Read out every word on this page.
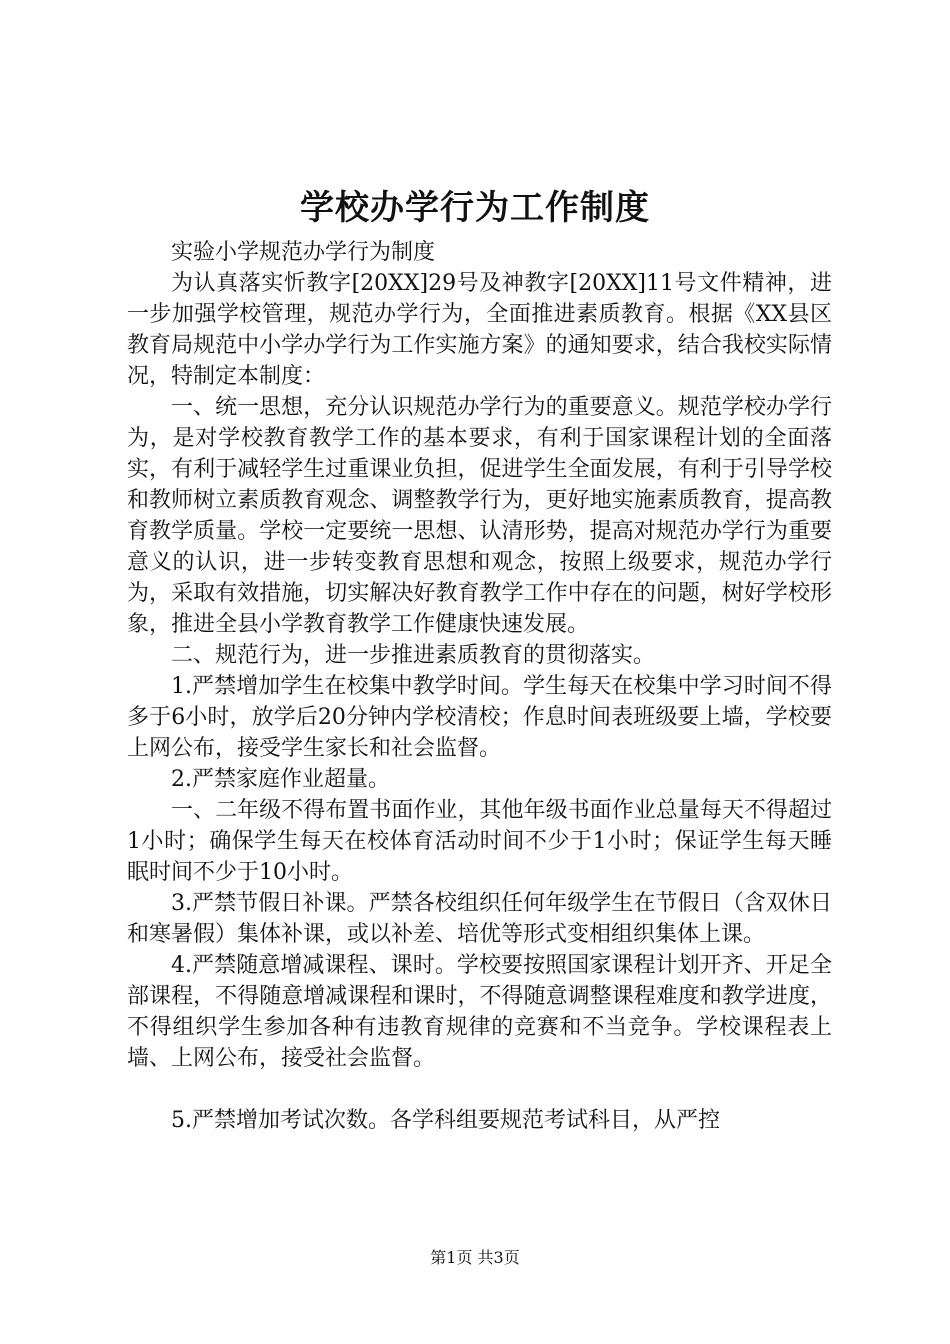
学校办学行为工作制度

实验小学规范办学行为制度

为认真落实忻教字[20XX]29号及神教字[20XX]11号文件精神，进一步加强学校管理，规范办学行为，全面推进素质教育。根据《XX县区教育局规范中小学办学行为工作实施方案》的通知要求，结合我校实际情况，特制定本制度：

一、统一思想，充分认识规范办学行为的重要意义。规范学校办学行为，是对学校教育教学工作的基本要求，有利于国家课程计划的全面落实，有利于减轻学生过重课业负担，促进学生全面发展，有利于引导学校和教师树立素质教育观念、调整教学行为，更好地实施素质教育，提高教育教学质量。学校一定要统一思想、认清形势，提高对规范办学行为重要意义的认识，进一步转变教育思想和观念，按照上级要求，规范办学行为，采取有效措施，切实解决好教育教学工作中存在的问题，树好学校形象，推进全县小学教育教学工作健康快速发展。

二、规范行为，进一步推进素质教育的贯彻落实。

1.严禁增加学生在校集中教学时间。学生每天在校集中学习时间不得多于6小时，放学后20分钟内学校清校；作息时间表班级要上墙，学校要上网公布，接受学生家长和社会监督。

2.严禁家庭作业超量。

一、二年级不得布置书面作业，其他年级书面作业总量每天不得超过1小时；确保学生每天在校体育活动时间不少于1小时；保证学生每天睡眠时间不少于10小时。

3.严禁节假日补课。严禁各校组织任何年级学生在节假日（含双休日和寒暑假）集体补课，或以补差、培优等形式变相组织集体上课。

4.严禁随意增减课程、课时。学校要按照国家课程计划开齐、开足全部课程，不得随意增减课程和课时，不得随意调整课程难度和教学进度，不得组织学生参加各种有违教育规律的竞赛和不当竞争。学校课程表上墙、上网公布，接受社会监督。

5.严禁增加考试次数。各学科组要规范考试科目，从严控

第1页 共3页
